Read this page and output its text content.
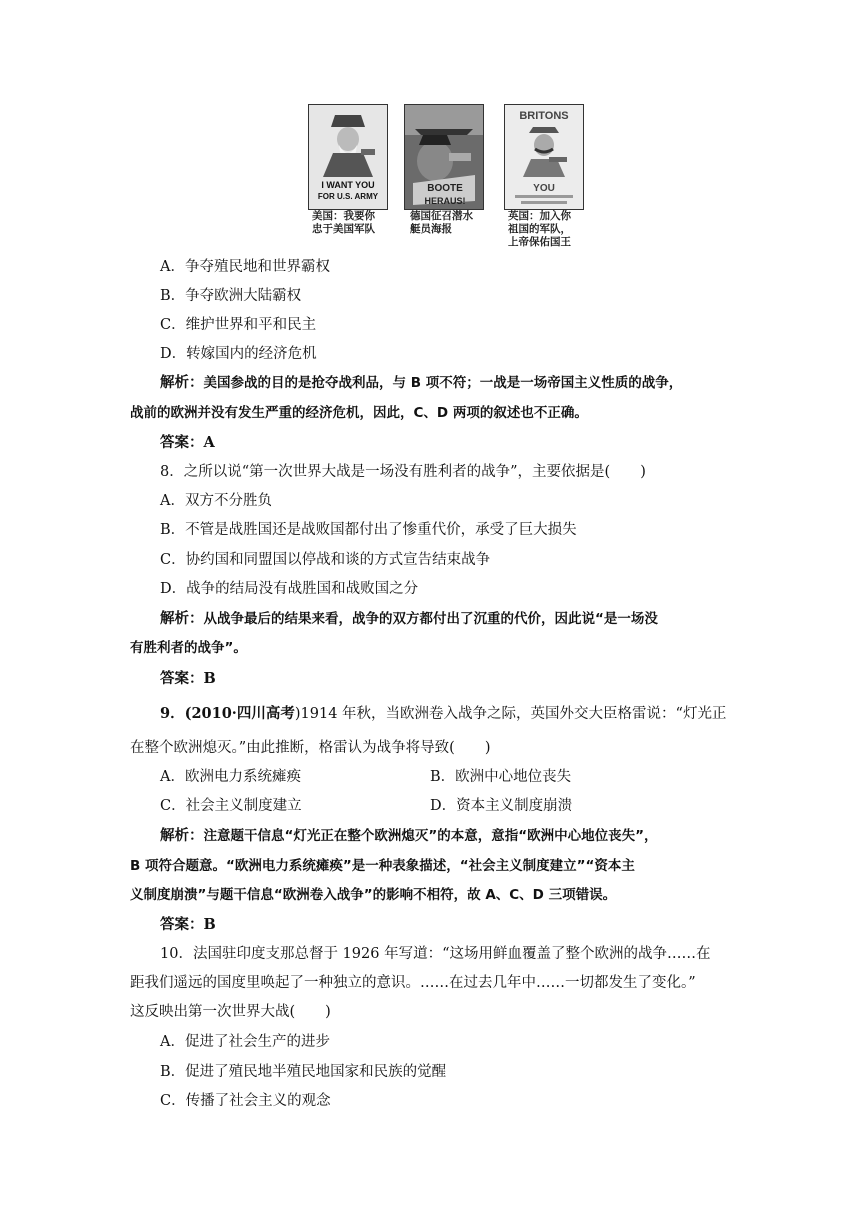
I WANT YOU
FOR U.S. ARMY
BOOTE
HERAUS!
BRITONS
YOU
美国：我要你
忠于美国军队
德国征召潜水
艇员海报
英国：加入你
祖国的军队，
上帝保佑国王
A．争夺殖民地和世界霸权
B．争夺欧洲大陆霸权
C．维护世界和平和民主
D．转嫁国内的经济危机
解析：美国参战的目的是抢夺战利品，与 B 项不符；一战是一场帝国主义性质的战争，
战前的欧洲并没有发生严重的经济危机，因此，C、D 两项的叙述也不正确。
答案：A
8．之所以说“第一次世界大战是一场没有胜利者的战争”，主要依据是( )
A．双方不分胜负
B．不管是战胜国还是战败国都付出了惨重代价，承受了巨大损失
C．协约国和同盟国以停战和谈的方式宣告结束战争
D．战争的结局没有战胜国和战败国之分
解析：从战争最后的结果来看，战争的双方都付出了沉重的代价，因此说“是一场没
有胜利者的战争”。
答案：B
9．(2010·四川高考)1914 年秋，当欧洲卷入战争之际，英国外交大臣格雷说：“灯光正
在整个欧洲熄灭。”由此推断，格雷认为战争将导致( )
A．欧洲电力系统瘫痪	B．欧洲中心地位丧失
C．社会主义制度建立	D．资本主义制度崩溃
解析：注意题干信息“灯光正在整个欧洲熄灭”的本意，意指“欧洲中心地位丧失”，
B 项符合题意。“欧洲电力系统瘫痪”是一种表象描述，“社会主义制度建立”“资本主
义制度崩溃”与题干信息“欧洲卷入战争”的影响不相符，故 A、C、D 三项错误。
答案：B
10．法国驻印度支那总督于 1926 年写道：“这场用鲜血覆盖了整个欧洲的战争……在
距我们遥远的国度里唤起了一种独立的意识。……在过去几年中……一切都发生了变化。”
这反映出第一次世界大战( )
A．促进了社会生产的进步
B．促进了殖民地半殖民地国家和民族的觉醒
C．传播了社会主义的观念
